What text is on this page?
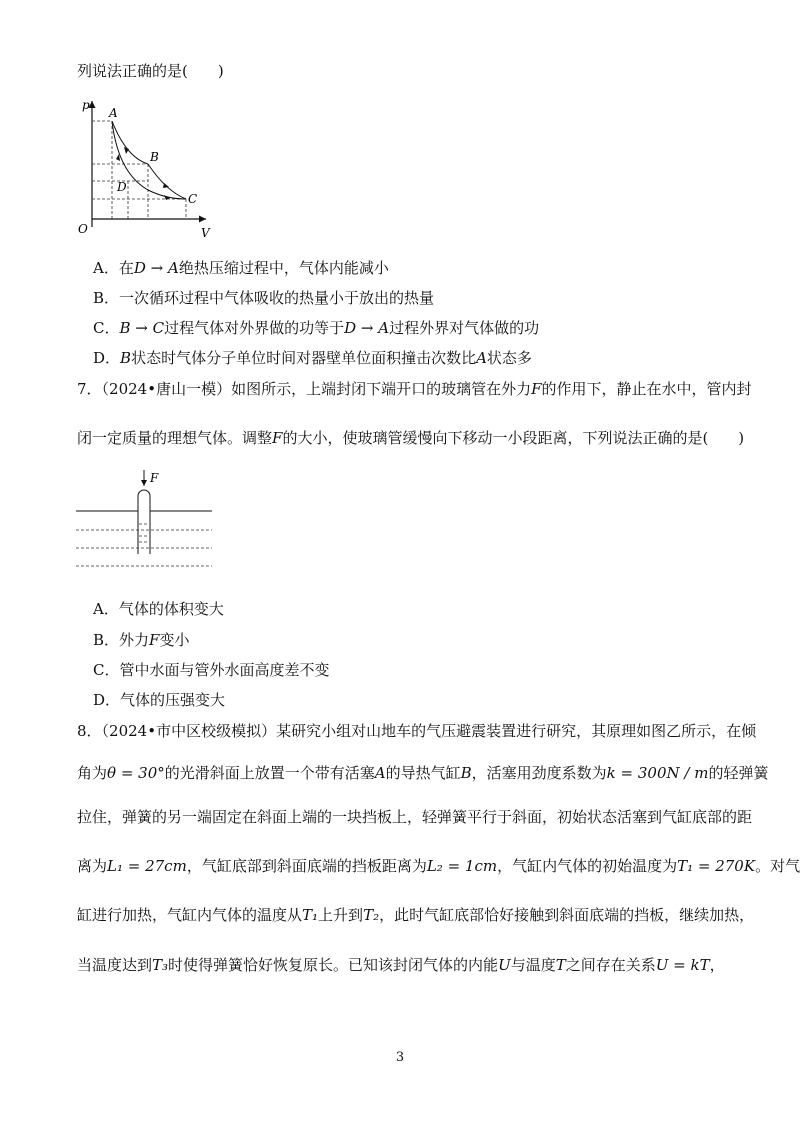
列说法正确的是(  )
p
V
O
A
B
C
D
A．在D → A绝热压缩过程中，气体内能减小
B．一次循环过程中气体吸收的热量小于放出的热量
C．B → C过程气体对外界做的功等于D → A过程外界对气体做的功
D．B状态时气体分子单位时间对器壁单位面积撞击次数比A状态多
7．（2024•唐山一模）如图所示，上端封闭下端开口的玻璃管在外力F的作用下，静止在水中，管内封
闭一定质量的理想气体。调整F的大小，使玻璃管缓慢向下移动一小段距离，下列说法正确的是(  )
F
A．气体的体积变大
B．外力F变小
C．管中水面与管外水面高度差不变
D．气体的压强变大
8．（2024•市中区校级模拟）某研究小组对山地车的气压避震装置进行研究，其原理如图乙所示，在倾
角为θ = 30°的光滑斜面上放置一个带有活塞A的导热气缸B，活塞用劲度系数为k = 300N / m的轻弹簧
拉住，弹簧的另一端固定在斜面上端的一块挡板上，轻弹簧平行于斜面，初始状态活塞到气缸底部的距
离为L₁ = 27cm，气缸底部到斜面底端的挡板距离为L₂ = 1cm，气缸内气体的初始温度为T₁ = 270K。对气
缸进行加热，气缸内气体的温度从T₁上升到T₂，此时气缸底部恰好接触到斜面底端的挡板，继续加热，
当温度达到T₃时使得弹簧恰好恢复原长。已知该封闭气体的内能U与温度T之间存在关系U = kT，
3
